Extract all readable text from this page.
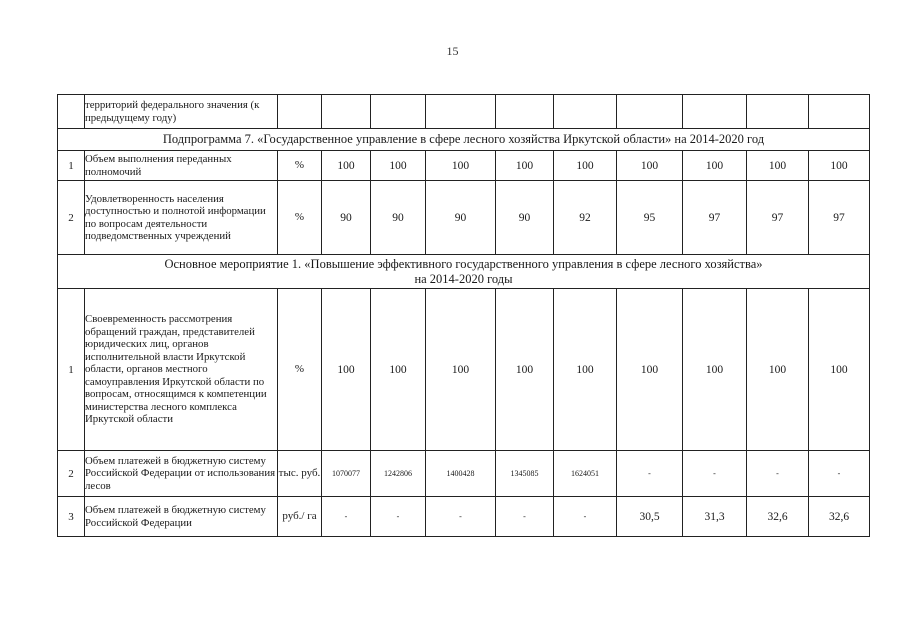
15
	территорий федерального значения (к предыдущему году)										
Подпрограмма 7. «Государственное управление в сфере лесного хозяйства Иркутской области» на 2014-2020 год											
1	Объем выполнения переданных полномочий	%	100	100	100	100	100	100	100	100	100
2	Удовлетворенность населения доступностью и полнотой информации по вопросам деятельности подведомственных учреждений	%	90	90	90	90	92	95	97	97	97

Основное мероприятие 1. «Повышение эффективного государственного управления в сфере лесного хозяйства»
на 2014-2020 годы											

1	Своевременность рассмотрения обращений граждан, представителей юридических лиц, органов исполнительной власти Иркутской области, органов местного самоуправления Иркутской области по вопросам, относящимся к компетенции министерства лесного комплекса Иркутской области	%	100	100	100	100	100	100	100	100	100
2	Объем платежей в бюджетную систему Российской Федерации от использования лесов	тыс. руб.	1070077	1242806	1400428	1345085	1624051	-	-	-	-
3	Объем платежей в бюджетную систему Российской Федерации	руб./ га	-	-	-	-	-	30,5	31,3	32,6	32,6
